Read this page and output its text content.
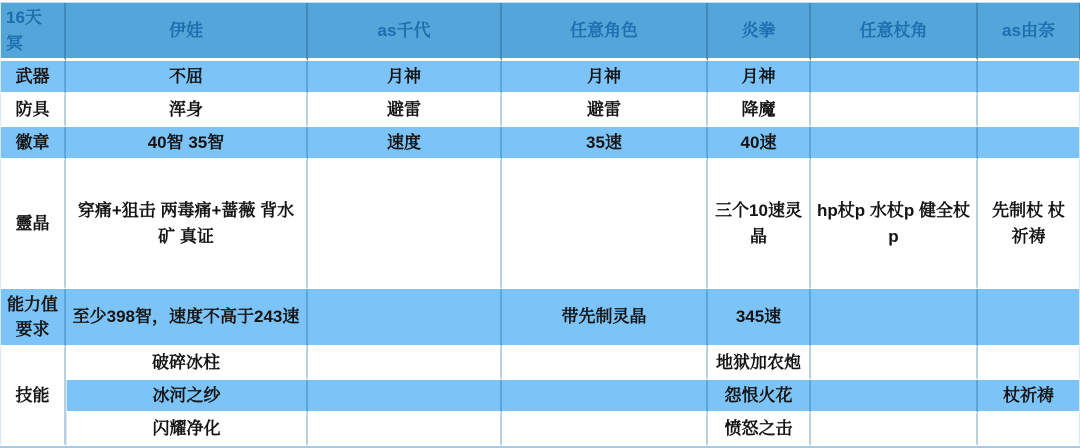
16天冥	伊娃	as千代	任意角色	炎拳	任意杖角	as由奈
武器	不屈	月神	月神	月神		
防具	浑身	避雷	避雷	降魔		
徽章	40智 35智	速度	35速	40速		
靈晶	穿痛+狙击 两毒痛+蔷薇 背水矿 真证			三个10速灵晶	hp杖p 水杖p 健全杖p	先制杖 杖祈祷
能力值要求	至少398智，速度不高于243速		带先制灵晶	345速		
技能	破碎冰柱			地狱加农炮		
	冰河之纱			怨恨火花		杖祈祷
	闪耀净化			愤怒之击		
